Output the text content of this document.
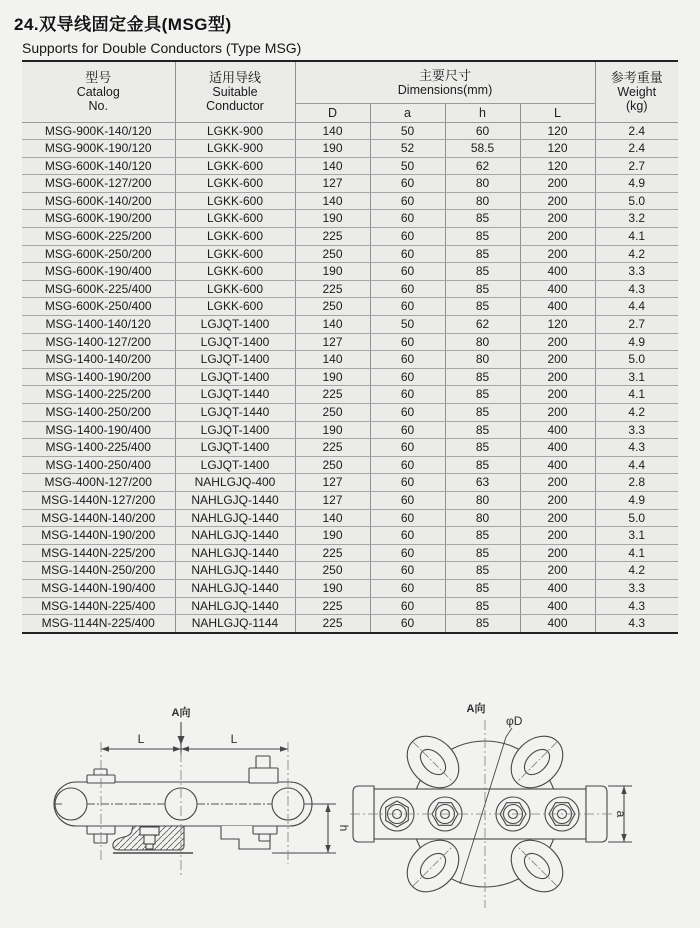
24.双导线固定金具(MSG型)
Supports for Double Conductors (Type MSG)
型号
Catalog
No.

适用导线
Suitable
Conductor

主要尺寸
Dimensions(mm)

参考重量
Weight
(kg)

		D	a	h	L	
MSG-900K-140/120	LGKK-900	140	50	60	120	2.4
MSG-900K-190/120	LGKK-900	190	52	58.5	120	2.4
MSG-600K-140/120	LGKK-600	140	50	62	120	2.7
MSG-600K-127/200	LGKK-600	127	60	80	200	4.9
MSG-600K-140/200	LGKK-600	140	60	80	200	5.0
MSG-600K-190/200	LGKK-600	190	60	85	200	3.2
MSG-600K-225/200	LGKK-600	225	60	85	200	4.1
MSG-600K-250/200	LGKK-600	250	60	85	200	4.2
MSG-600K-190/400	LGKK-600	190	60	85	400	3.3
MSG-600K-225/400	LGKK-600	225	60	85	400	4.3
MSG-600K-250/400	LGKK-600	250	60	85	400	4.4
MSG-1400-140/120	LGJQT-1400	140	50	62	120	2.7
MSG-1400-127/200	LGJQT-1400	127	60	80	200	4.9
MSG-1400-140/200	LGJQT-1400	140	60	80	200	5.0
MSG-1400-190/200	LGJQT-1400	190	60	85	200	3.1
MSG-1400-225/200	LGJQT-1440	225	60	85	200	4.1
MSG-1400-250/200	LGJQT-1440	250	60	85	200	4.2
MSG-1400-190/400	LGJQT-1400	190	60	85	400	3.3
MSG-1400-225/400	LGJQT-1400	225	60	85	400	4.3
MSG-1400-250/400	LGJQT-1400	250	60	85	400	4.4
MSG-400N-127/200	NAHLGJQ-400	127	60	63	200	2.8
MSG-1440N-127/200	NAHLGJQ-1440	127	60	80	200	4.9
MSG-1440N-140/200	NAHLGJQ-1440	140	60	80	200	5.0
MSG-1440N-190/200	NAHLGJQ-1440	190	60	85	200	3.1
MSG-1440N-225/200	NAHLGJQ-1440	225	60	85	200	4.1
MSG-1440N-250/200	NAHLGJQ-1440	250	60	85	200	4.2
MSG-1440N-190/400	NAHLGJQ-1440	190	60	85	400	3.3
MSG-1440N-225/400	NAHLGJQ-1440	225	60	85	400	4.3
MSG-1144N-225/400	NAHLGJQ-1144	225	60	85	400	4.3
A向
L	L
h
A向
φD
a
